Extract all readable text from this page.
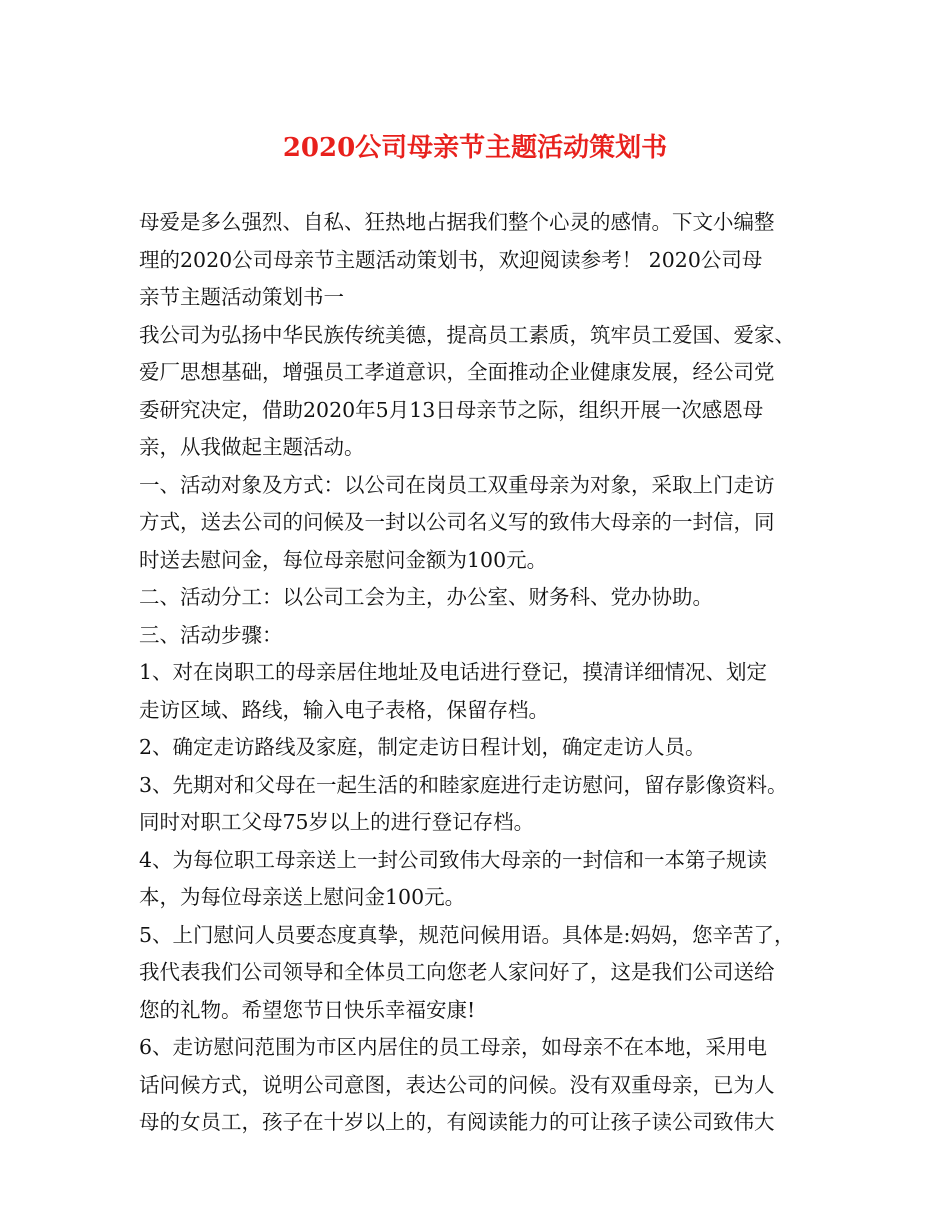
2020公司母亲节主题活动策划书
母爱是多么强烈、自私、狂热地占据我们整个心灵的感情。下文小编整
理的2020公司母亲节主题活动策划书，欢迎阅读参考！ 2020公司母
亲节主题活动策划书一
我公司为弘扬中华民族传统美德，提高员工素质，筑牢员工爱国、爱家、
爱厂思想基础，增强员工孝道意识，全面推动企业健康发展，经公司党
委研究决定，借助2020年5月13日母亲节之际，组织开展一次感恩母
亲，从我做起主题活动。
一、活动对象及方式：以公司在岗员工双重母亲为对象，采取上门走访
方式，送去公司的问候及一封以公司名义写的致伟大母亲的一封信，同
时送去慰问金，每位母亲慰问金额为100元。
二、活动分工：以公司工会为主，办公室、财务科、党办协助。
三、活动步骤：
1、对在岗职工的母亲居住地址及电话进行登记，摸清详细情况、划定
走访区域、路线，输入电子表格，保留存档。
2、确定走访路线及家庭，制定走访日程计划，确定走访人员。
3、先期对和父母在一起生活的和睦家庭进行走访慰问，留存影像资料。
同时对职工父母75岁以上的进行登记存档。
4、为每位职工母亲送上一封公司致伟大母亲的一封信和一本第子规读
本，为每位母亲送上慰问金100元。
5、上门慰问人员要态度真挚，规范问候用语。具体是:妈妈，您辛苦了，
我代表我们公司领导和全体员工向您老人家问好了，这是我们公司送给
您的礼物。希望您节日快乐幸福安康!
6、走访慰问范围为市区内居住的员工母亲，如母亲不在本地，采用电
话问候方式，说明公司意图，表达公司的问候。没有双重母亲，已为人
母的女员工，孩子在十岁以上的，有阅读能力的可让孩子读公司致伟大
